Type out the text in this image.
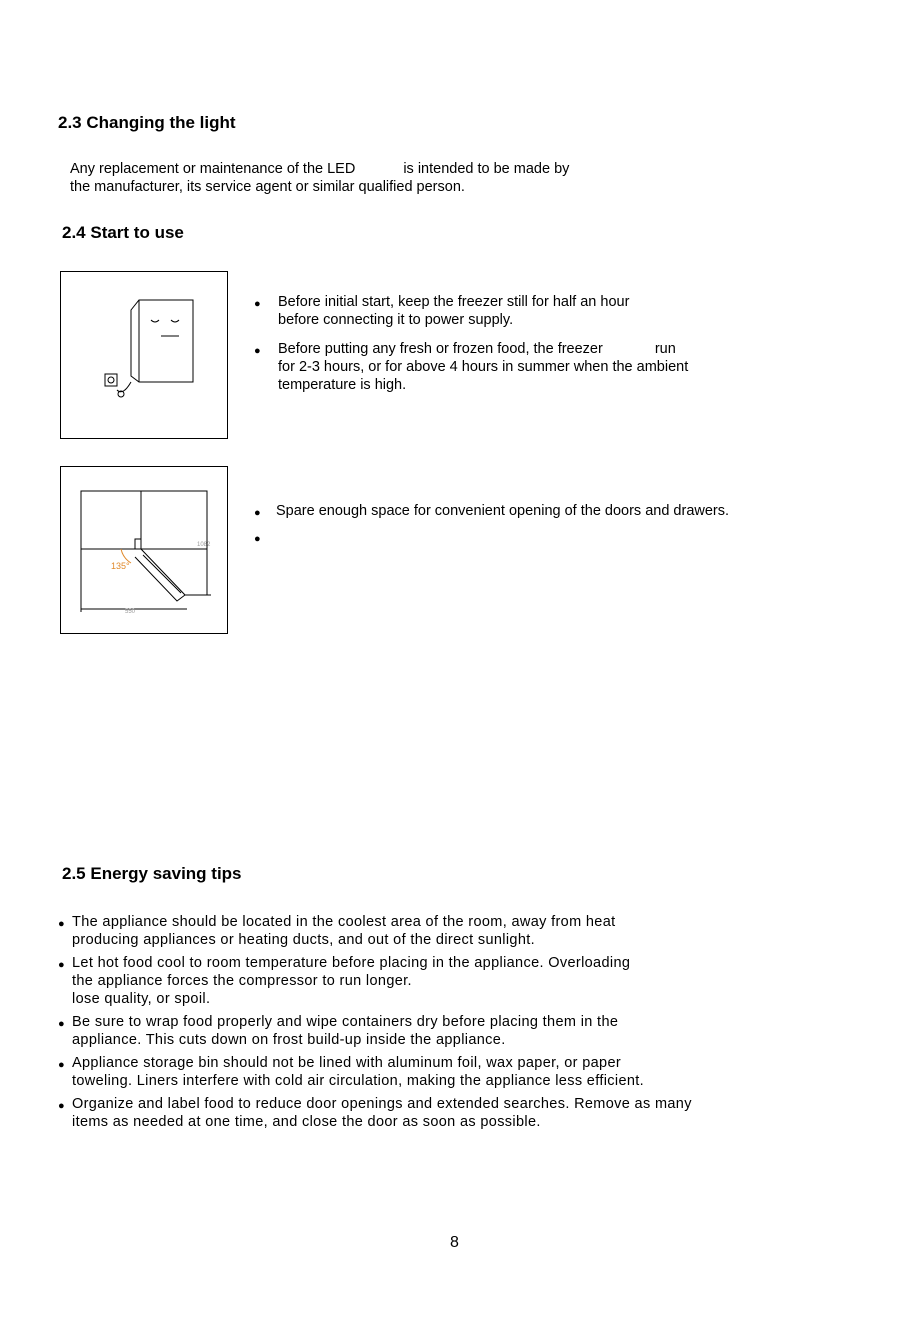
2.3 Changing the light
Any replacement or maintenance of the LED	is intended to be made by
the manufacturer, its service agent or similar qualified person.
2.4 Start to use
●	Before initial start, keep the freezer still for half an hour
before connecting it to power supply.
●	Before putting any fresh or frozen food, the freezer	run
for 2-3 hours, or for above 4 hours in summer when the ambient
temperature is high.
135°
1082
550
●	Spare enough space for convenient opening of the doors and drawers.
●
2.5 Energy saving tips
● The appliance should be located in the coolest area of the room, away from heat
producing appliances or heating ducts, and out of the direct sunlight.
● Let hot food cool to room temperature before placing in the appliance. Overloading
the appliance forces the compressor to run longer.
lose quality, or spoil.
● Be sure to wrap food properly and wipe containers dry before placing them in the
appliance. This cuts down on frost build-up inside the appliance.
● Appliance storage bin should not be lined with aluminum foil, wax paper, or paper
toweling. Liners interfere with cold air circulation, making the appliance less efficient.
● Organize and label food to reduce door openings and extended searches. Remove as many
items as needed at one time, and close the door as soon as possible.
8
